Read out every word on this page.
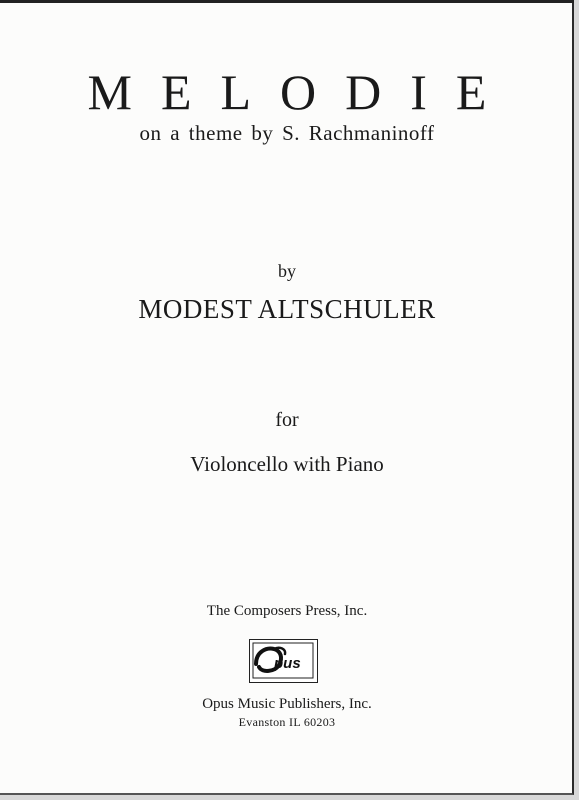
MELODIE
on a theme by S. Rachmaninoff
by
MODEST ALTSCHULER
for
Violoncello with Piano
The Composers Press, Inc.
pus
Opus Music Publishers, Inc.
Evanston IL 60203
